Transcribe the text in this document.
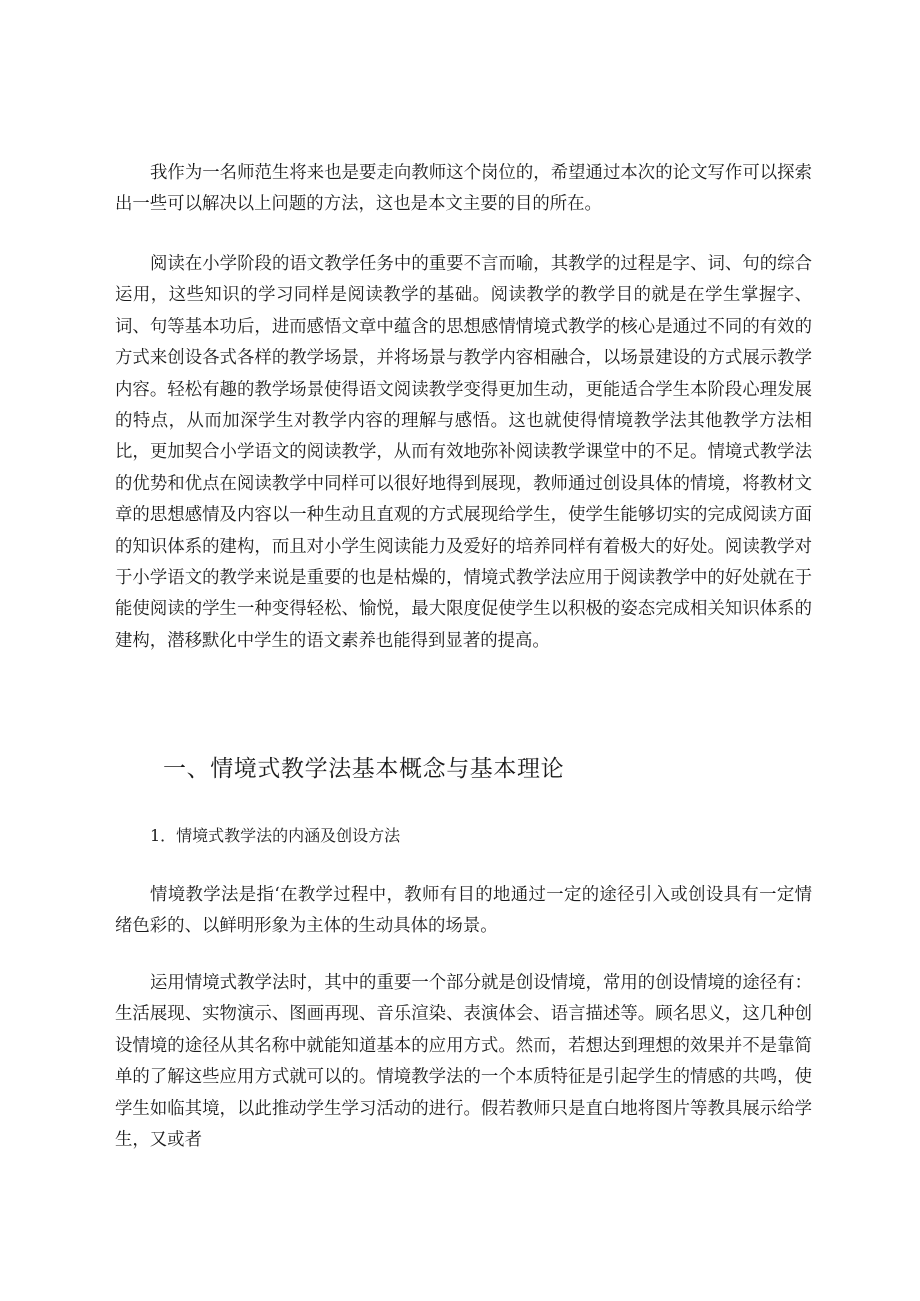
我作为一名师范生将来也是要走向教师这个岗位的，希望通过本次的论文写作可以探索出一些可以解决以上问题的方法，这也是本文主要的目的所在。

阅读在小学阶段的语文教学任务中的重要不言而喻，其教学的过程是字、词、句的综合运用，这些知识的学习同样是阅读教学的基础。阅读教学的教学目的就是在学生掌握字、词、句等基本功后，进而感悟文章中蕴含的思想感情情境式教学的核心是通过不同的有效的方式来创设各式各样的教学场景，并将场景与教学内容相融合，以场景建设的方式展示教学内容。轻松有趣的教学场景使得语文阅读教学变得更加生动，更能适合学生本阶段心理发展的特点，从而加深学生对教学内容的理解与感悟。这也就使得情境教学法其他教学方法相比，更加契合小学语文的阅读教学，从而有效地弥补阅读教学课堂中的不足。情境式教学法的优势和优点在阅读教学中同样可以很好地得到展现，教师通过创设具体的情境，将教材文章的思想感情及内容以一种生动且直观的方式展现给学生，使学生能够切实的完成阅读方面的知识体系的建构，而且对小学生阅读能力及爱好的培养同样有着极大的好处。阅读教学对于小学语文的教学来说是重要的也是枯燥的，情境式教学法应用于阅读教学中的好处就在于能使阅读的学生一种变得轻松、愉悦，最大限度促使学生以积极的姿态完成相关知识体系的建构，潜移默化中学生的语文素养也能得到显著的提高。

一、情境式教学法基本概念与基本理论
1．情境式教学法的内涵及创设方法

情境教学法是指‘在教学过程中，教师有目的地通过一定的途径引入或创设具有一定情绪色彩的、以鲜明形象为主体的生动具体的场景。

运用情境式教学法时，其中的重要一个部分就是创设情境，常用的创设情境的途径有：生活展现、实物演示、图画再现、音乐渲染、表演体会、语言描述等。顾名思义，这几种创设情境的途径从其名称中就能知道基本的应用方式。然而，若想达到理想的效果并不是靠简单的了解这些应用方式就可以的。情境教学法的一个本质特征是引起学生的情感的共鸣，使学生如临其境，以此推动学生学习活动的进行。假若教师只是直白地将图片等教具展示给学生，又或者
